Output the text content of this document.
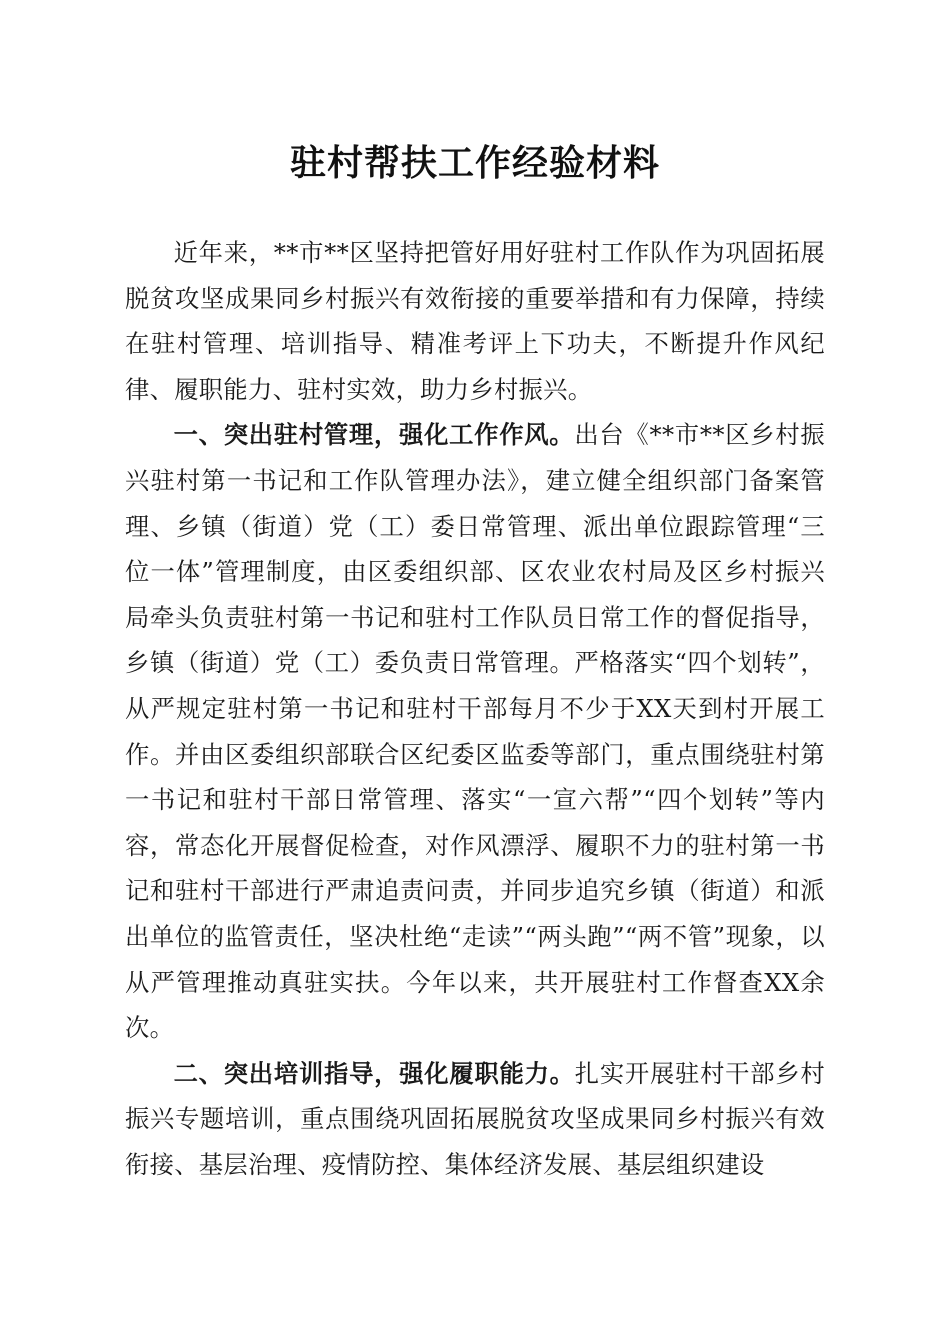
驻村帮扶工作经验材料

近年来，**市**区坚持把管好用好驻村工作队作为巩固拓展脱贫攻坚成果同乡村振兴有效衔接的重要举措和有力保障，持续在驻村管理、培训指导、精准考评上下功夫，不断提升作风纪律、履职能力、驻村实效，助力乡村振兴。

一、突出驻村管理，强化工作作风。出台《**市**区乡村振兴驻村第一书记和工作队管理办法》，建立健全组织部门备案管理、乡镇（街道）党（工）委日常管理、派出单位跟踪管理“三位一体”管理制度，由区委组织部、区农业农村局及区乡村振兴局牵头负责驻村第一书记和驻村工作队员日常工作的督促指导，乡镇（街道）党（工）委负责日常管理。严格落实“四个划转”，从严规定驻村第一书记和驻村干部每月不少于XX天到村开展工作。并由区委组织部联合区纪委区监委等部门，重点围绕驻村第一书记和驻村干部日常管理、落实“一宣六帮”“四个划转”等内容，常态化开展督促检查，对作风漂浮、履职不力的驻村第一书记和驻村干部进行严肃追责问责，并同步追究乡镇（街道）和派出单位的监管责任，坚决杜绝“走读”“两头跑”“两不管”现象，以从严管理推动真驻实扶。今年以来，共开展驻村工作督查XX余次。

二、突出培训指导，强化履职能力。扎实开展驻村干部乡村振兴专题培训，重点围绕巩固拓展脱贫攻坚成果同乡村振兴有效衔接、基层治理、疫情防控、集体经济发展、基层组织建设
